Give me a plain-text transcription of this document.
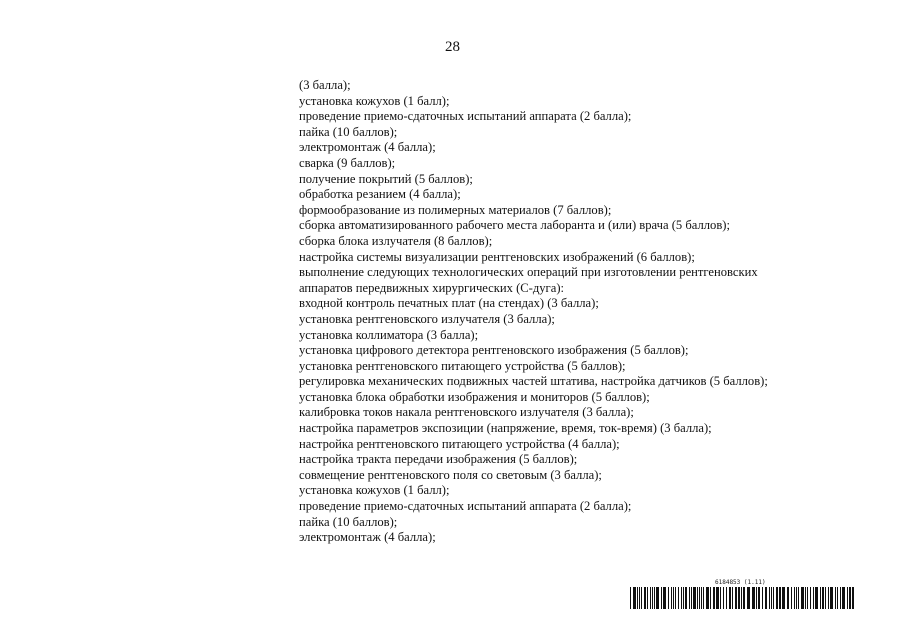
28
(3 балла);
установка кожухов (1 балл);
проведение приемо-сдаточных испытаний аппарата (2 балла);
пайка (10 баллов);
электромонтаж (4 балла);
сварка (9 баллов);
получение покрытий (5 баллов);
обработка резанием (4 балла);
формообразование из полимерных материалов (7 баллов);
сборка автоматизированного рабочего места лаборанта и (или) врача (5 баллов);
сборка блока излучателя (8 баллов);
настройка системы визуализации рентгеновских изображений (6 баллов);
выполнение следующих технологических операций при изготовлении рентгеновских
аппаратов передвижных хирургических (С-дуга):
входной контроль печатных плат (на стендах) (3 балла);
установка рентгеновского излучателя (3 балла);
установка коллиматора (3 балла);
установка цифрового детектора рентгеновского изображения (5 баллов);
установка рентгеновского питающего устройства (5 баллов);
регулировка механических подвижных частей штатива, настройка датчиков (5 баллов);
установка блока обработки изображения и мониторов (5 баллов);
калибровка токов накала рентгеновского излучателя (3 балла);
настройка параметров экспозиции (напряжение, время, ток-время) (3 балла);
настройка рентгеновского питающего устройства (4 балла);
настройка тракта передачи изображения (5 баллов);
совмещение рентгеновского поля со световым (3 балла);
установка кожухов (1 балл);
проведение приемо-сдаточных испытаний аппарата (2 балла);
пайка (10 баллов);
электромонтаж (4 балла);
6184853 (1.11)
